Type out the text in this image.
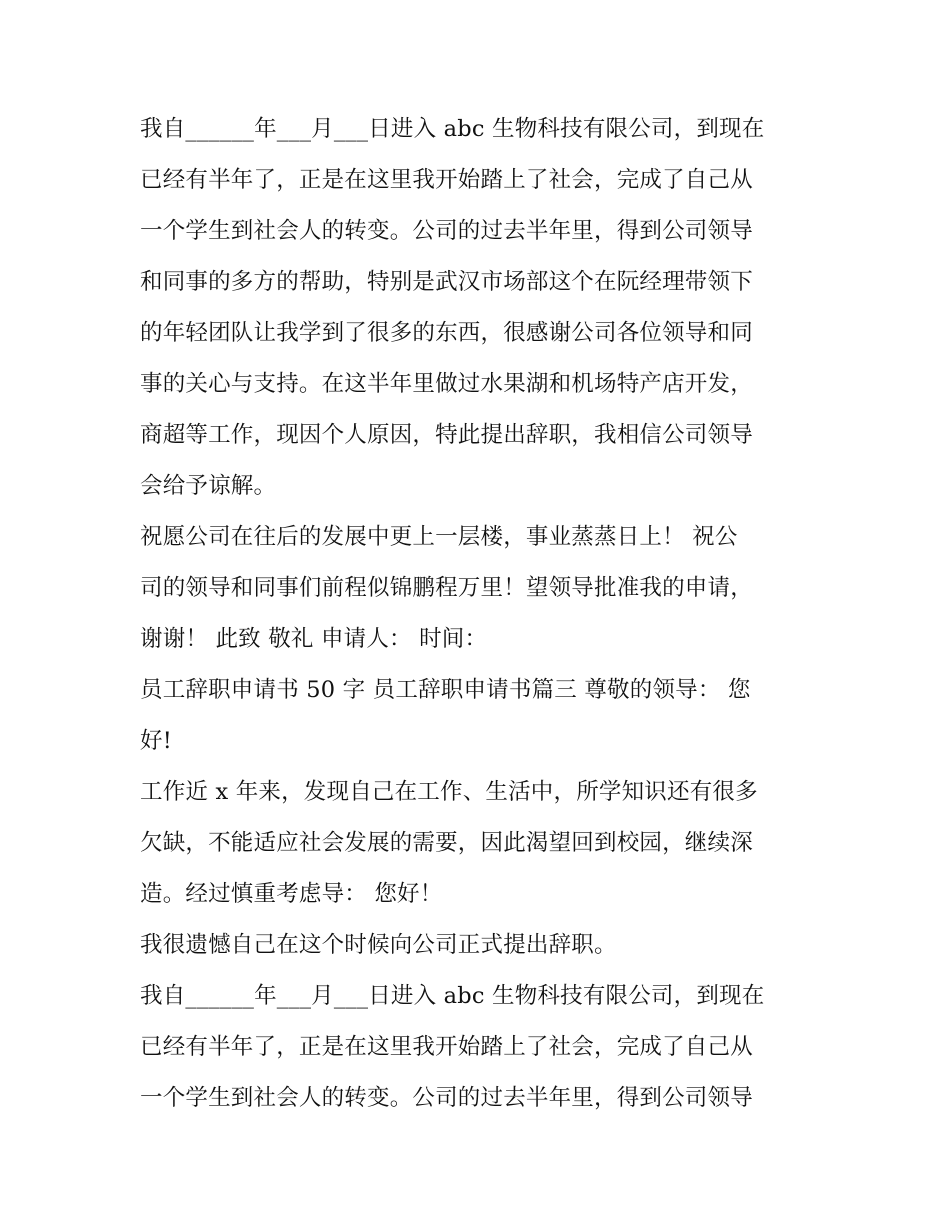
我自______年___月___日进入 abc 生物科技有限公司，到现在
已经有半年了，正是在这里我开始踏上了社会，完成了自己从
一个学生到社会人的转变。公司的过去半年里，得到公司领导
和同事的多方的帮助，特别是武汉市场部这个在阮经理带领下
的年轻团队让我学到了很多的东西，很感谢公司各位领导和同
事的关心与支持。在这半年里做过水果湖和机场特产店开发，
商超等工作，现因个人原因，特此提出辞职，我相信公司领导
会给予谅解。
祝愿公司在往后的发展中更上一层楼，事业蒸蒸日上！ 祝公
司的领导和同事们前程似锦鹏程万里！望领导批准我的申请，
谢谢！ 此致 敬礼 申请人： 时间：
员工辞职申请书 50 字 员工辞职申请书篇三 尊敬的领导： 您
好!
工作近 x 年来，发现自己在工作、生活中，所学知识还有很多
欠缺，不能适应社会发展的需要，因此渴望回到校园，继续深
造。经过慎重考虑导： 您好！
我很遗憾自己在这个时候向公司正式提出辞职。
我自______年___月___日进入 abc 生物科技有限公司，到现在
已经有半年了，正是在这里我开始踏上了社会，完成了自己从
一个学生到社会人的转变。公司的过去半年里，得到公司领导
